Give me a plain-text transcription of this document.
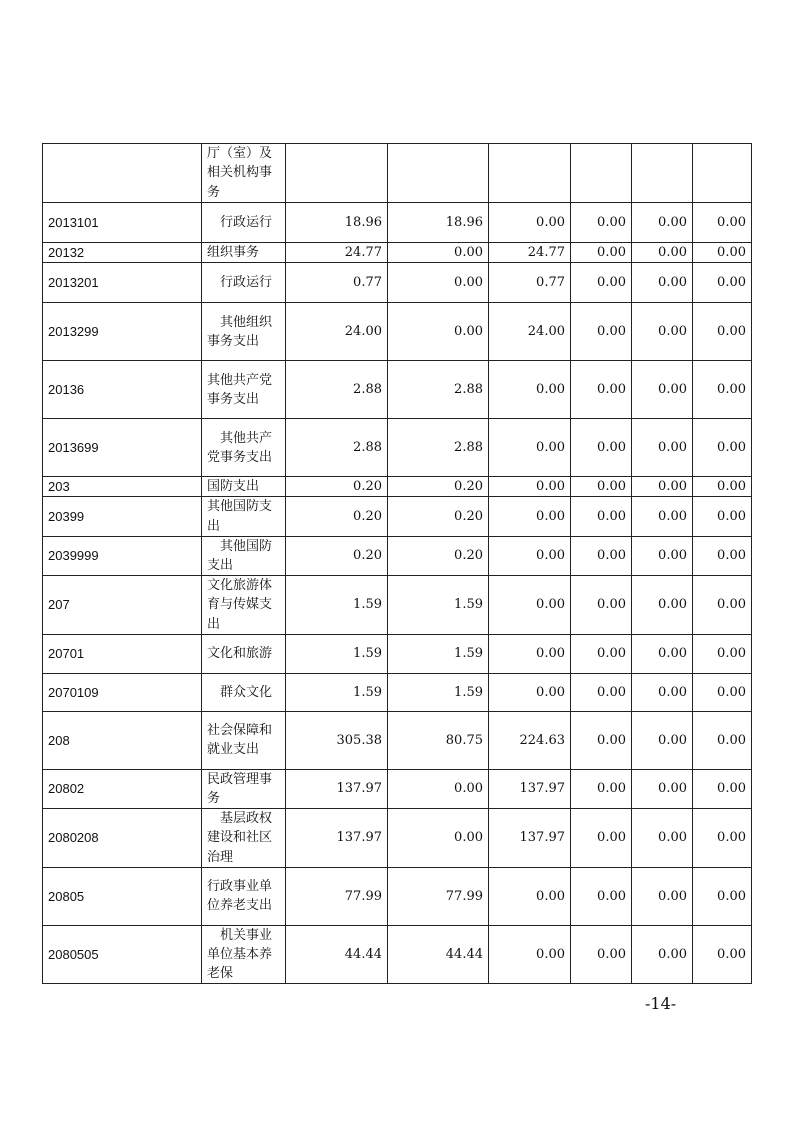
	厅（室）及相关机构事务						
2013101	行政运行	18.96	18.96	0.00	0.00	0.00	0.00
20132	组织事务	24.77	0.00	24.77	0.00	0.00	0.00
2013201	行政运行	0.77	0.00	0.77	0.00	0.00	0.00
2013299	其他组织事务支出	24.00	0.00	24.00	0.00	0.00	0.00
20136	其他共产党事务支出	2.88	2.88	0.00	0.00	0.00	0.00
2013699	其他共产党事务支出	2.88	2.88	0.00	0.00	0.00	0.00
203	国防支出	0.20	0.20	0.00	0.00	0.00	0.00
20399	其他国防支出	0.20	0.20	0.00	0.00	0.00	0.00
2039999	其他国防支出	0.20	0.20	0.00	0.00	0.00	0.00
207	文化旅游体育与传媒支出	1.59	1.59	0.00	0.00	0.00	0.00
20701	文化和旅游	1.59	1.59	0.00	0.00	0.00	0.00
2070109	群众文化	1.59	1.59	0.00	0.00	0.00	0.00
208	社会保障和就业支出	305.38	80.75	224.63	0.00	0.00	0.00
20802	民政管理事务	137.97	0.00	137.97	0.00	0.00	0.00
2080208	基层政权建设和社区治理	137.97	0.00	137.97	0.00	0.00	0.00
20805	行政事业单位养老支出	77.99	77.99	0.00	0.00	0.00	0.00
2080505	机关事业单位基本养老保	44.44	44.44	0.00	0.00	0.00	0.00
-14-
